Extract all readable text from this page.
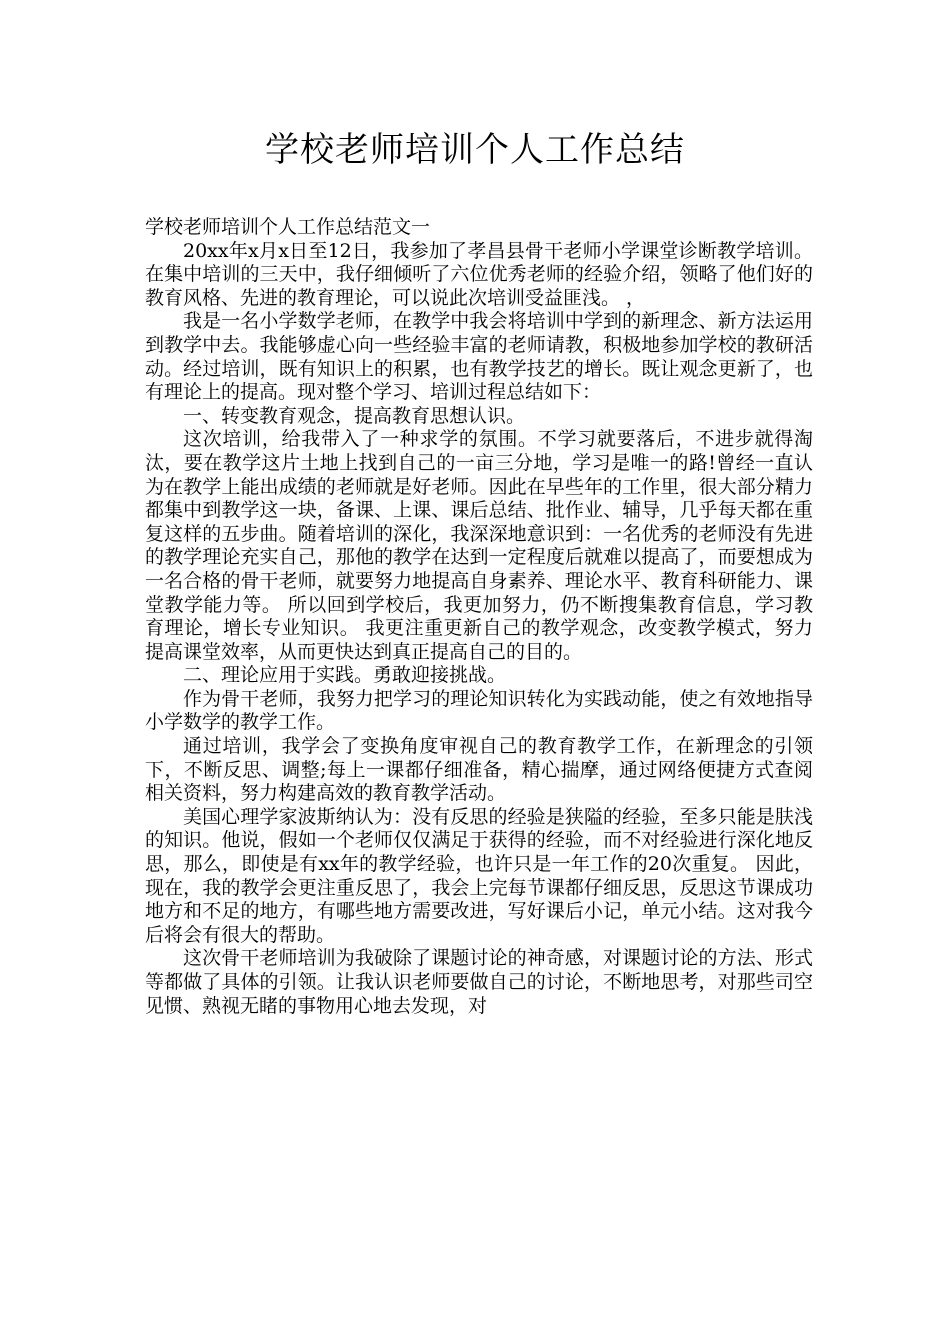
学校老师培训个人工作总结

学校老师培训个人工作总结范文一

20xx年x月x日至12日，我参加了孝昌县骨干老师小学课堂诊断教学培训。在集中培训的三天中，我仔细倾听了六位优秀老师的经验介绍，领略了他们好的教育风格、先进的教育理论，可以说此次培训受益匪浅。 ，

我是一名小学数学老师，在教学中我会将培训中学到的新理念、新方法运用到教学中去。我能够虚心向一些经验丰富的老师请教，积极地参加学校的教研活动。经过培训，既有知识上的积累，也有教学技艺的增长。既让观念更新了，也有理论上的提高。现对整个学习、培训过程总结如下：

一、转变教育观念，提高教育思想认识。

这次培训，给我带入了一种求学的氛围。不学习就要落后，不进步就得淘汰，要在教学这片土地上找到自己的一亩三分地，学习是唯一的路!曾经一直认为在教学上能出成绩的老师就是好老师。因此在早些年的工作里，很大部分精力都集中到教学这一块，备课、上课、课后总结、批作业、辅导，几乎每天都在重复这样的五步曲。随着培训的深化，我深深地意识到：一名优秀的老师没有先进的教学理论充实自己，那他的教学在达到一定程度后就难以提高了，而要想成为一名合格的骨干老师，就要努力地提高自身素养、理论水平、教育科研能力、课堂教学能力等。 所以回到学校后，我更加努力，仍不断搜集教育信息，学习教育理论，增长专业知识。 我更注重更新自己的教学观念，改变教学模式，努力提高课堂效率，从而更快达到真正提高自己的目的。

二、理论应用于实践。勇敢迎接挑战。

作为骨干老师，我努力把学习的理论知识转化为实践动能，使之有效地指导小学数学的教学工作。

通过培训，我学会了变换角度审视自己的教育教学工作，在新理念的引领下，不断反思、调整;每上一课都仔细准备，精心揣摩，通过网络便捷方式查阅相关资料，努力构建高效的教育教学活动。

美国心理学家波斯纳认为：没有反思的经验是狭隘的经验，至多只能是肤浅的知识。他说，假如一个老师仅仅满足于获得的经验，而不对经验进行深化地反思，那么，即使是有xx年的教学经验，也许只是一年工作的20次重复。 因此，现在，我的教学会更注重反思了，我会上完每节课都仔细反思，反思这节课成功地方和不足的地方，有哪些地方需要改进，写好课后小记，单元小结。这对我今后将会有很大的帮助。

这次骨干老师培训为我破除了课题讨论的神奇感，对课题讨论的方法、形式等都做了具体的引领。让我认识老师要做自己的讨论，不断地思考，对那些司空见惯、熟视无睹的事物用心地去发现，对
